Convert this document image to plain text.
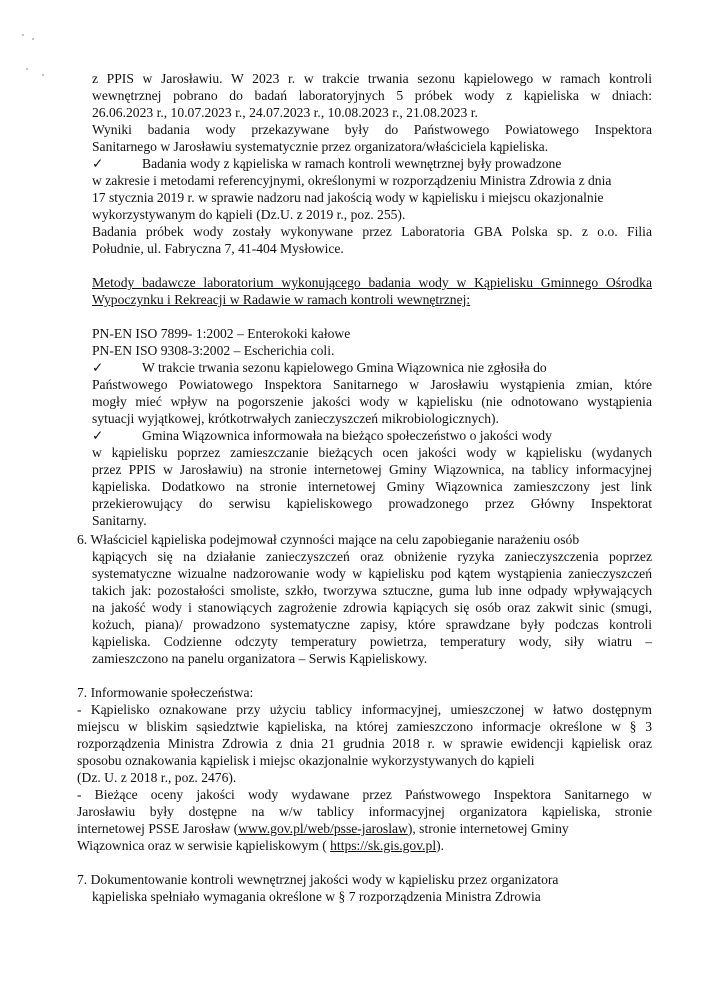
z PPIS w Jarosławiu. W 2023 r. w trakcie trwania sezonu kąpielowego w ramach kontroli
wewnętrznej pobrano do badań laboratoryjnych 5 próbek wody z kąpieliska w dniach:
26.06.2023 r., 10.07.2023 r., 24.07.2023 r., 10.08.2023 r., 21.08.2023 r.
Wyniki badania wody przekazywane były do Państwowego Powiatowego Inspektora
Sanitarnego w Jarosławiu systematycznie przez organizatora/właściciela kąpieliska.
✓	Badania wody z kąpieliska w ramach kontroli wewnętrznej były prowadzone
w zakresie i metodami referencyjnymi, określonymi w rozporządzeniu Ministra Zdrowia z dnia
17 stycznia 2019 r. w sprawie nadzoru nad jakością wody w kąpielisku i miejscu okazjonalnie
wykorzystywanym do kąpieli (Dz.U. z 2019 r., poz. 255).
Badania próbek wody zostały wykonywane przez Laboratoria GBA Polska sp. z o.o. Filia
Południe, ul. Fabryczna 7, 41-404 Mysłowice.
Metody badawcze laboratorium wykonującego badania wody w Kąpielisku Gminnego Ośrodka
Wypoczynku i Rekreacji w Radawie w ramach kontroli wewnętrznej:
PN-EN ISO 7899- 1:2002 – Enterokoki kałowe
PN-EN ISO 9308-3:2002 – Escherichia coli.
✓	W trakcie trwania sezonu kąpielowego Gmina Wiązownica nie zgłosiła do
Państwowego Powiatowego Inspektora Sanitarnego w Jarosławiu wystąpienia zmian, które
mogły mieć wpływ na pogorszenie jakości wody w kąpielisku (nie odnotowano wystąpienia
sytuacji wyjątkowej, krótkotrwałych zanieczyszczeń mikrobiologicznych).
✓	Gmina Wiązownica informowała na bieżąco społeczeństwo o jakości wody
w kąpielisku poprzez zamieszczanie bieżących ocen jakości wody w kąpielisku (wydanych
przez PPIS w Jarosławiu) na stronie internetowej Gminy Wiązownica, na tablicy informacyjnej
kąpieliska. Dodatkowo na stronie internetowej Gminy Wiązownica zamieszczony jest link
przekierowujący do serwisu kąpieliskowego prowadzonego przez Główny Inspektorat
Sanitarny.
6. Właściciel kąpieliska podejmował czynności mające na celu zapobieganie narażeniu osób
kąpiących się na działanie zanieczyszczeń oraz obniżenie ryzyka zanieczyszczenia poprzez
systematyczne wizualne nadzorowanie wody w kąpielisku pod kątem wystąpienia zanieczyszczeń
takich jak: pozostałości smoliste, szkło, tworzywa sztuczne, guma lub inne odpady wpływających
na jakość wody i stanowiących zagrożenie zdrowia kąpiących się osób oraz zakwit sinic (smugi,
kożuch, piana)/ prowadzono systematyczne zapisy, które sprawdzane były podczas kontroli
kąpieliska. Codzienne odczyty temperatury powietrza, temperatury wody, siły wiatru –
zamieszczono na panelu organizatora – Serwis Kąpieliskowy.
7. Informowanie społeczeństwa:
- Kąpielisko oznakowane przy użyciu tablicy informacyjnej, umieszczonej w łatwo dostępnym
miejscu w bliskim sąsiedztwie kąpieliska, na której zamieszczono informacje określone w § 3
rozporządzenia Ministra Zdrowia z dnia 21 grudnia 2018 r. w sprawie ewidencji kąpielisk oraz
sposobu oznakowania kąpielisk i miejsc okazjonalnie wykorzystywanych do kąpieli
(Dz. U. z 2018 r., poz. 2476).
- Bieżące oceny jakości wody wydawane przez Państwowego Inspektora Sanitarnego w
Jarosławiu były dostępne na w/w tablicy informacyjnej organizatora kąpieliska, stronie
internetowej PSSE Jarosław (www.gov.pl/web/psse-jaroslaw), stronie internetowej Gminy
Wiązownica oraz w serwisie kąpieliskowym ( https://sk.gis.gov.pl).
7. Dokumentowanie kontroli wewnętrznej jakości wody w kąpielisku przez organizatora
kąpieliska spełniało wymagania określone w § 7 rozporządzenia Ministra Zdrowia
